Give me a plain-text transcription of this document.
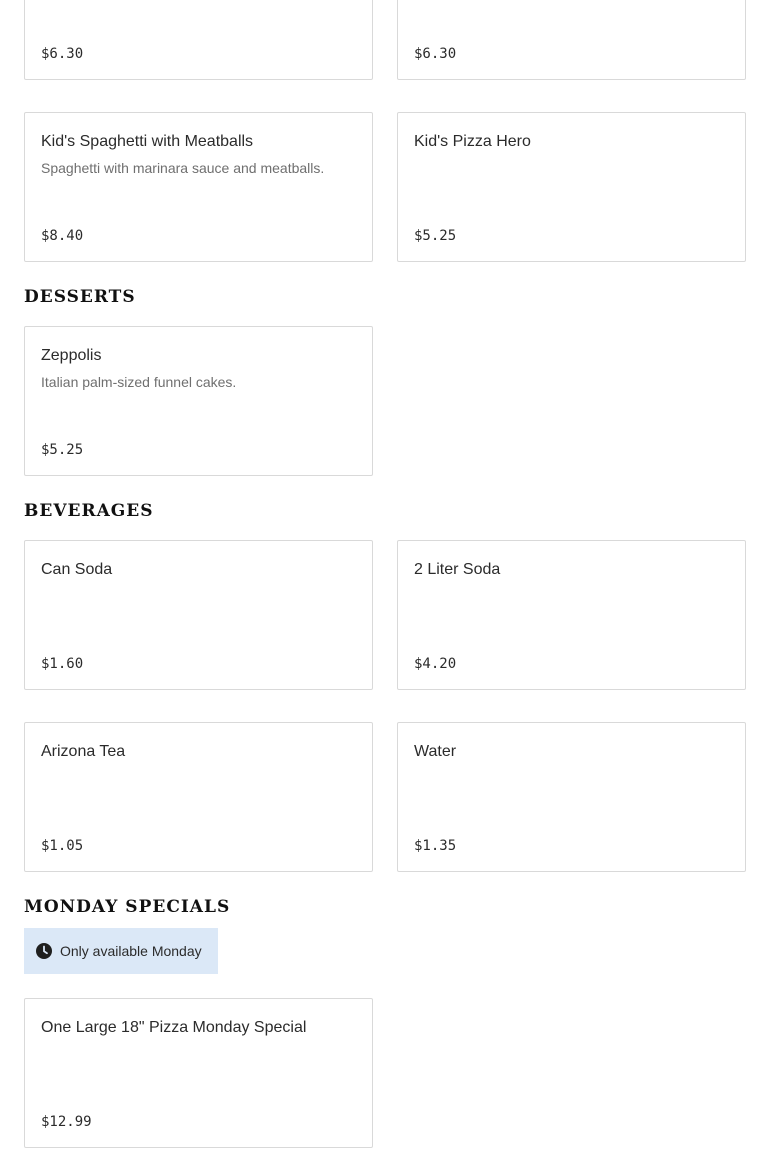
$6.30	$6.30
Kid's Spaghetti with Meatballs
Spaghetti with marinara sauce and meatballs.
$8.40
Kid's Pizza Hero
$5.25
DESSERTS
Zeppolis
Italian palm-sized funnel cakes.
$5.25
BEVERAGES
Can Soda
$1.60
2 Liter Soda
$4.20
Arizona Tea
$1.05
Water
$1.35
MONDAY SPECIALS
Only available Monday
One Large 18" Pizza Monday Special
$12.99
